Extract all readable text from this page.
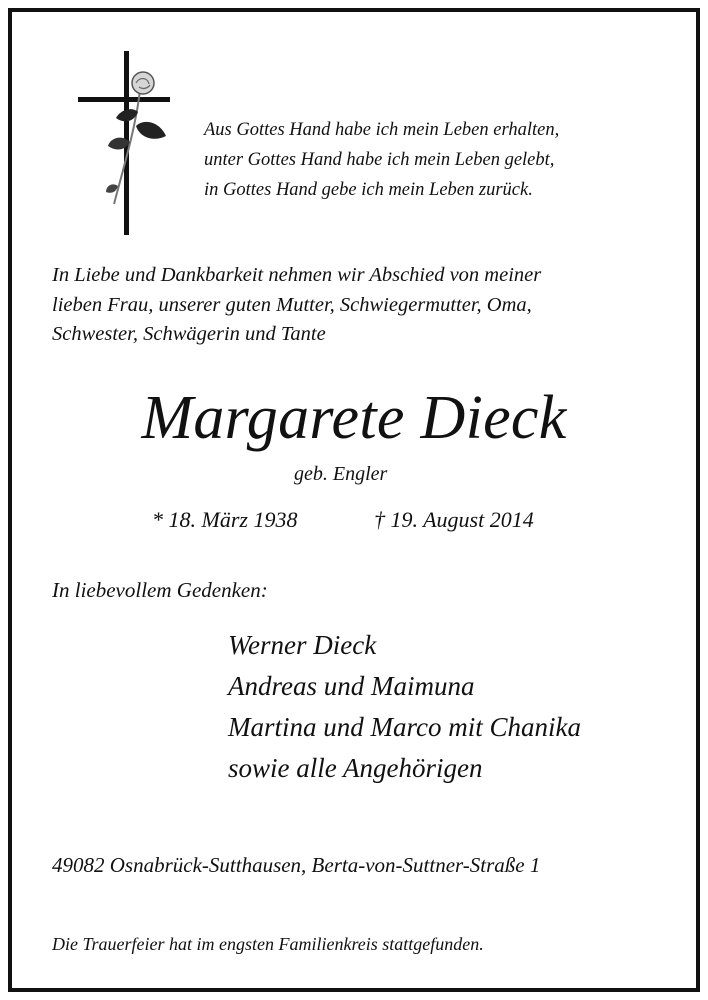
Aus Gottes Hand habe ich mein Leben erhalten,
unter Gottes Hand habe ich mein Leben gelebt,
in Gottes Hand gebe ich mein Leben zurück.
In Liebe und Dankbarkeit nehmen wir Abschied von meiner
lieben Frau, unserer guten Mutter, Schwiegermutter, Oma,
Schwester, Schwägerin und Tante
Margarete Dieck
geb. Engler
* 18. März 1938	† 19. August 2014
In liebevollem Gedenken:
Werner Dieck
Andreas und Maimuna
Martina und Marco mit Chanika
sowie alle Angehörigen
49082 Osnabrück-Sutthausen, Berta-von-Suttner-Straße 1
Die Trauerfeier hat im engsten Familienkreis stattgefunden.
